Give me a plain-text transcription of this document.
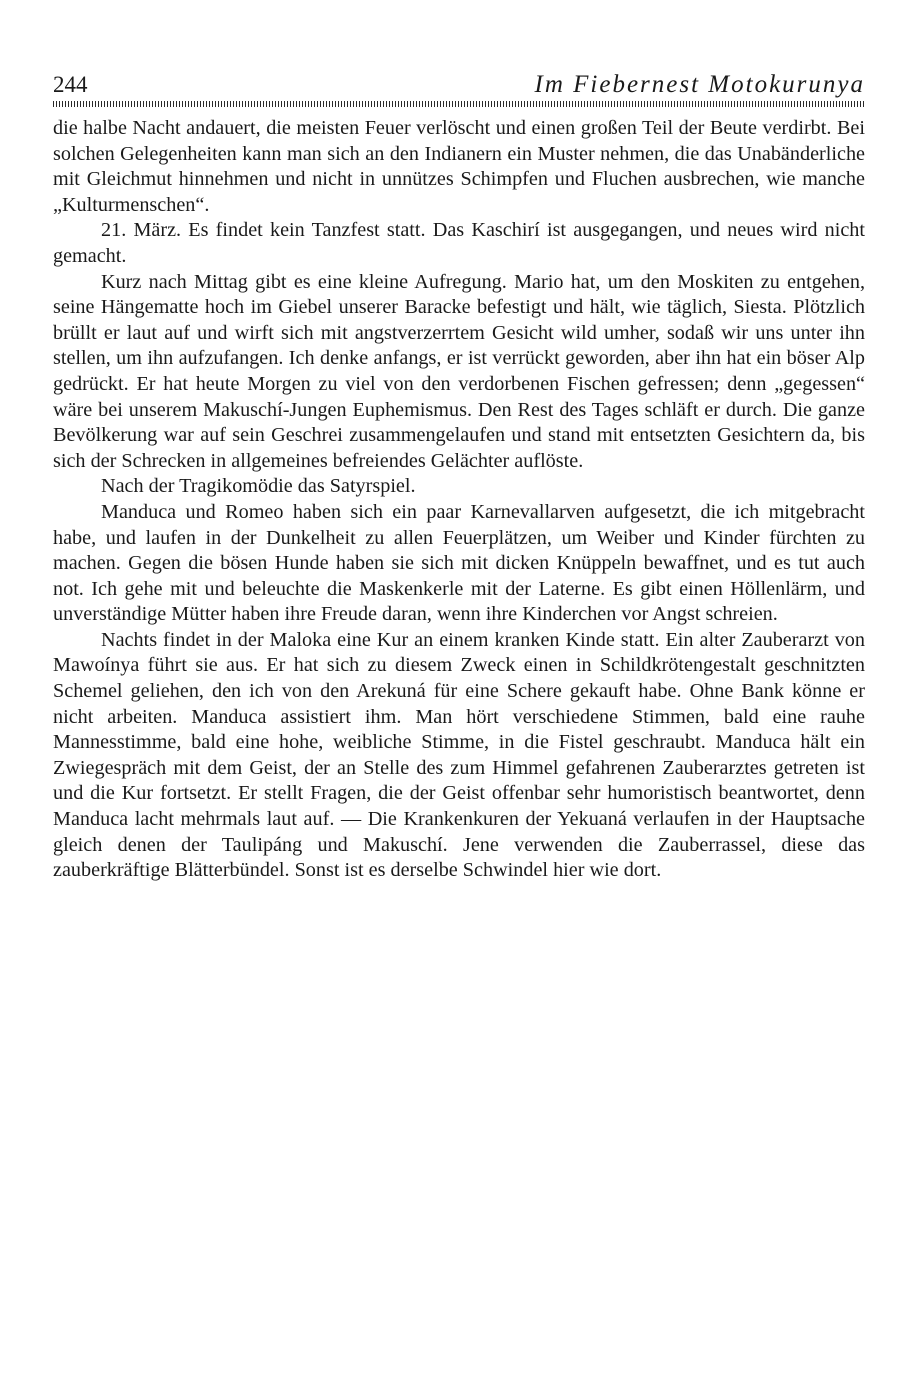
244	Im Fiebernest Motokurunya

die halbe Nacht andauert, die meisten Feuer verlöscht und einen großen Teil der Beute verdirbt. Bei solchen Gelegenheiten kann man sich an den Indianern ein Muster nehmen, die das Unabänderliche mit Gleichmut hinnehmen und nicht in unnützes Schimpfen und Fluchen ausbrechen, wie manche „Kulturmenschen“.

21. März. Es findet kein Tanzfest statt. Das Kaschirí ist ausgegangen, und neues wird nicht gemacht.

Kurz nach Mittag gibt es eine kleine Aufregung. Mario hat, um den Moskiten zu entgehen, seine Hängematte hoch im Giebel unserer Baracke befestigt und hält, wie täglich, Siesta. Plötzlich brüllt er laut auf und wirft sich mit angstverzerrtem Gesicht wild umher, sodaß wir uns unter ihn stellen, um ihn aufzufangen. Ich denke anfangs, er ist verrückt geworden, aber ihn hat ein böser Alp gedrückt. Er hat heute Morgen zu viel von den verdorbenen Fischen gefressen; denn „gegessen“ wäre bei unserem Makuschí-Jungen Euphemismus. Den Rest des Tages schläft er durch. Die ganze Bevölkerung war auf sein Geschrei zusammengelaufen und stand mit entsetzten Gesichtern da, bis sich der Schrecken in allgemeines befreiendes Gelächter auflöste.

Nach der Tragikomödie das Satyrspiel.

Manduca und Romeo haben sich ein paar Karnevallarven aufgesetzt, die ich mitgebracht habe, und laufen in der Dunkelheit zu allen Feuerplätzen, um Weiber und Kinder fürchten zu machen. Gegen die bösen Hunde haben sie sich mit dicken Knüppeln bewaffnet, und es tut auch not. Ich gehe mit und beleuchte die Maskenkerle mit der Laterne. Es gibt einen Höllenlärm, und unverständige Mütter haben ihre Freude daran, wenn ihre Kinderchen vor Angst schreien.

Nachts findet in der Maloka eine Kur an einem kranken Kinde statt. Ein alter Zauberarzt von Mawoínya führt sie aus. Er hat sich zu diesem Zweck einen in Schildkrötengestalt geschnitzten Schemel geliehen, den ich von den Arekuná für eine Schere gekauft habe. Ohne Bank könne er nicht arbeiten. Manduca assistiert ihm. Man hört verschiedene Stimmen, bald eine rauhe Mannesstimme, bald eine hohe, weibliche Stimme, in die Fistel geschraubt. Manduca hält ein Zwiegespräch mit dem Geist, der an Stelle des zum Himmel gefahrenen Zauberarztes getreten ist und die Kur fortsetzt. Er stellt Fragen, die der Geist offenbar sehr humoristisch beantwortet, denn Manduca lacht mehrmals laut auf. — Die Krankenkuren der Yekuaná verlaufen in der Hauptsache gleich denen der Taulipáng und Makuschí. Jene verwenden die Zauberrassel, diese das zauberkräftige Blätterbündel. Sonst ist es derselbe Schwindel hier wie dort.
